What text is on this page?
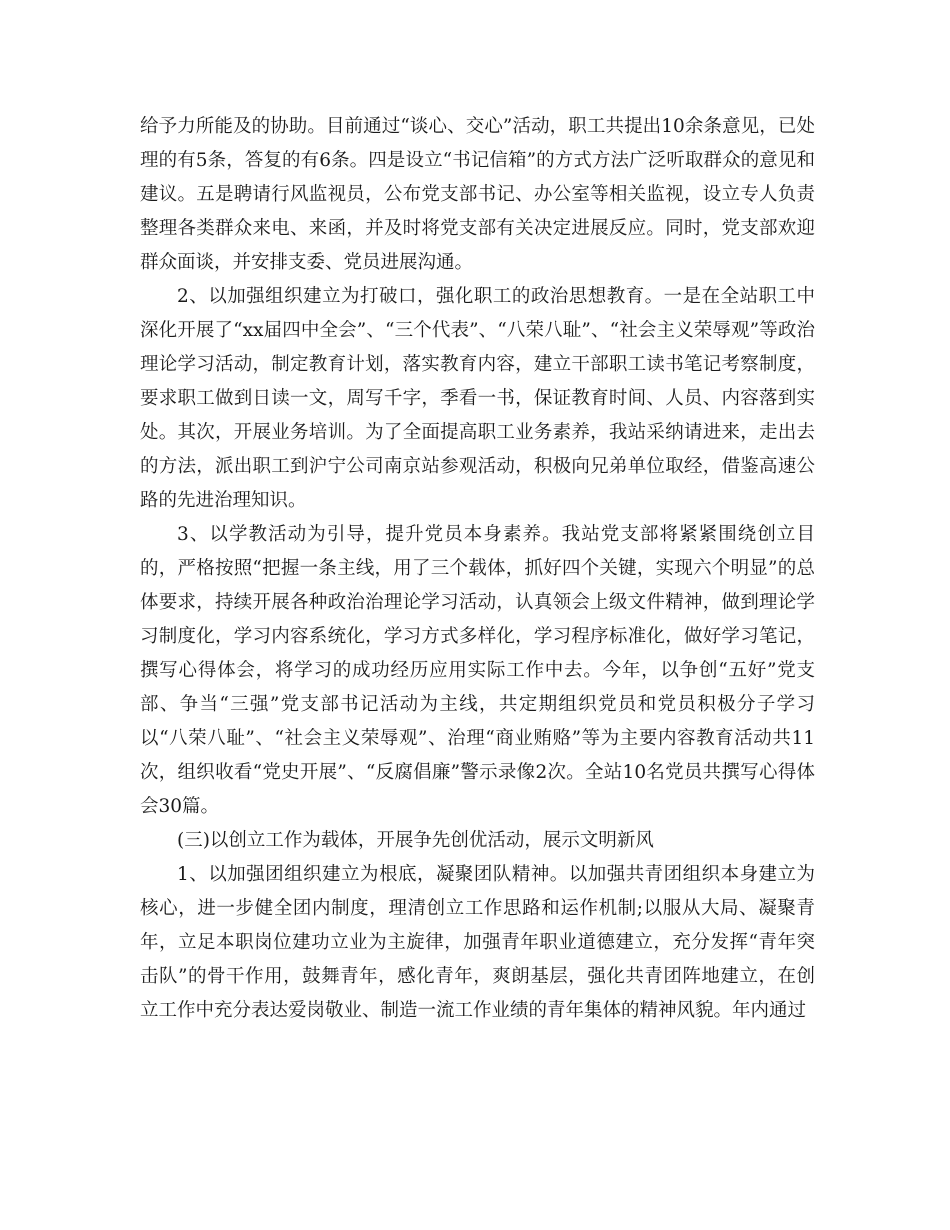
给予力所能及的协助。目前通过“谈心、交心”活动，职工共提出10余条意见，已处理的有5条，答复的有6条。四是设立“书记信箱”的方式方法广泛听取群众的意见和建议。五是聘请行风监视员，公布党支部书记、办公室等相关监视，设立专人负责整理各类群众来电、来函，并及时将党支部有关决定进展反应。同时，党支部欢迎群众面谈，并安排支委、党员进展沟通。

2、以加强组织建立为打破口，强化职工的政治思想教育。一是在全站职工中深化开展了“xx届四中全会”、“三个代表”、“八荣八耻”、“社会主义荣辱观”等政治理论学习活动，制定教育计划，落实教育内容，建立干部职工读书笔记考察制度，要求职工做到日读一文，周写千字，季看一书，保证教育时间、人员、内容落到实处。其次，开展业务培训。为了全面提高职工业务素养，我站采纳请进来，走出去的方法，派出职工到沪宁公司南京站参观活动，积极向兄弟单位取经，借鉴高速公路的先进治理知识。

3、以学教活动为引导，提升党员本身素养。我站党支部将紧紧围绕创立目的，严格按照“把握一条主线，用了三个载体，抓好四个关键，实现六个明显”的总体要求，持续开展各种政治治理论学习活动，认真领会上级文件精神，做到理论学习制度化，学习内容系统化，学习方式多样化，学习程序标准化，做好学习笔记，撰写心得体会，将学习的成功经历应用实际工作中去。今年，以争创“五好”党支部、争当“三强”党支部书记活动为主线，共定期组织党员和党员积极分子学习以“八荣八耻”、“社会主义荣辱观”、治理“商业贿赂”等为主要内容教育活动共11次，组织收看“党史开展”、“反腐倡廉”警示录像2次。全站10名党员共撰写心得体会30篇。

(三)以创立工作为载体，开展争先创优活动，展示文明新风

1、以加强团组织建立为根底，凝聚团队精神。以加强共青团组织本身建立为核心，进一步健全团内制度，理清创立工作思路和运作机制;以服从大局、凝聚青年，立足本职岗位建功立业为主旋律，加强青年职业道德建立，充分发挥“青年突击队”的骨干作用，鼓舞青年，感化青年，爽朗基层，强化共青团阵地建立，在创立工作中充分表达爱岗敬业、制造一流工作业绩的青年集体的精神风貌。年内通过
